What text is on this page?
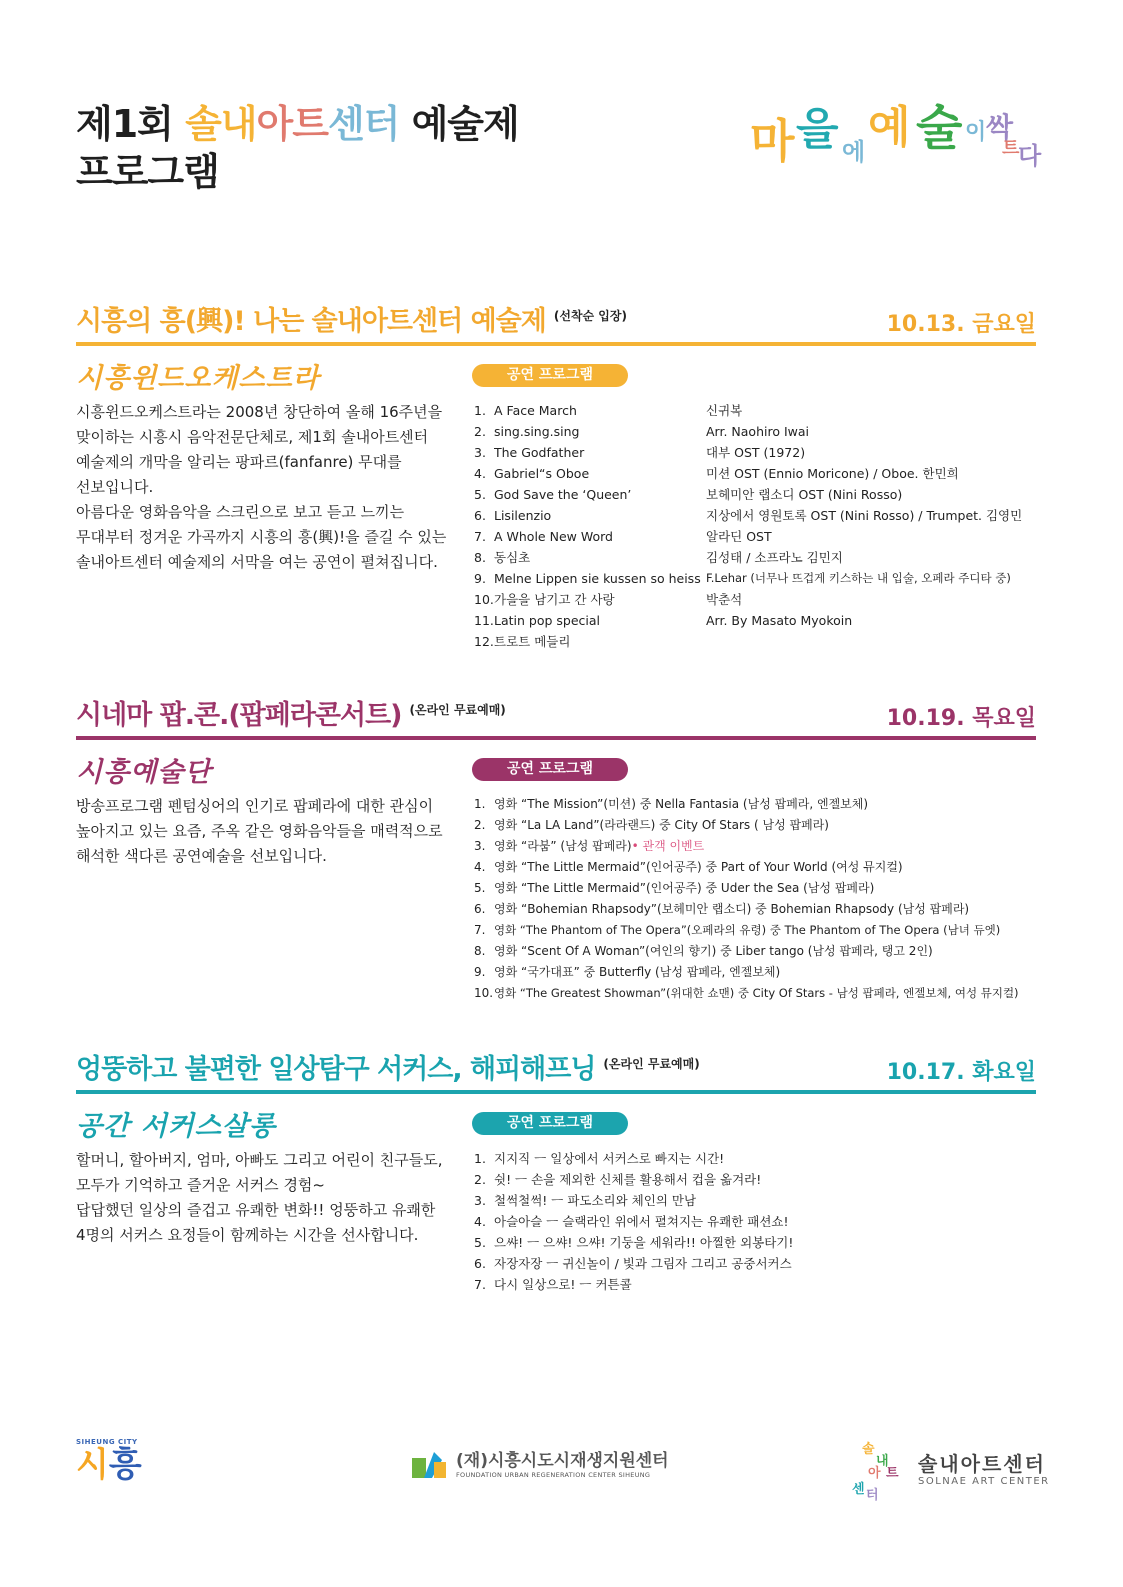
제1회 솔내아트센터 예술제
프로그램
마 을 에 예 술 이 싹
트
다
시흥의 흥(興)! 나는 솔내아트센터 예술제 $^{(선착순 입장)}$	10.13. 금요일
시흥윈드오케스트라	공연 프로그램

시흥윈드오케스트라는 2008년 창단하여 올해 16주년을

맞이하는 시흥시 음악전문단체로, 제1회 솔내아트센터

예술제의 개막을 알리는 팡파르(fanfanre) 무대를

선보입니다.

아름다운 영화음악을 스크린으로 보고 듣고 느끼는

무대부터 정겨운 가곡까지 시흥의 흥(興)!을 즐길 수 있는

솔내아트센터 예술제의 서막을 여는 공연이 펼쳐집니다.

1. A Face March	신귀복
2. sing.sing.sing	Arr. Naohiro Iwai
3. The Godfather	대부 OST (1972)
4. Gabriel“s Oboe	미션 OST (Ennio Moricone) / Oboe. 한민희
5. God Save the ‘Queen’	보헤미안 랩소디 OST (Nini Rosso)
6. Lisilenzio	지상에서 영원토록 OST (Nini Rosso) / Trumpet. 김영민
7. A Whole New Word	알라딘 OST
8. 동심초	김성태 / 소프라노 김민지
9. Melne Lippen sie kussen so heiss F.Lehar (너무나 뜨겁게 키스하는 내 입술, 오페라 주디타 중)
10. 가을을 남기고 간 사랑	박춘석
11. Latin pop special	Arr. By Masato Myokoin
12. 트로트 메들리
시네마 팝.콘.(팝페라콘서트) $^{(온라인 무료예매)}$	10.19. 목요일
시흥예술단	공연 프로그램

방송프로그램 펜텀싱어의 인기로 팝페라에 대한 관심이

높아지고 있는 요즘, 주옥 같은 영화음악들을 매력적으로

해석한 색다른 공연예술을 선보입니다.

1. 영화 “The Mission”(미션) 중 Nella Fantasia (남성 팝페라, 엔젤보체)
2. 영화 “La LA Land”(라라랜드) 중 City Of Stars ( 남성 팝페라)
3. 영화 “라붐” (남성 팝페라) • 관객 이벤트
4. 영화 “The Little Mermaid”(인어공주) 중 Part of Your World (여성 뮤지컬)
5. 영화 “The Little Mermaid”(인어공주) 중 Uder the Sea (남성 팝페라)
6. 영화 “Bohemian Rhapsody”(보헤미안 랩소디) 중 Bohemian Rhapsody (남성 팝페라)
7. 영화 “The Phantom of The Opera”(오페라의 유령) 중 The Phantom of The Opera (남녀 듀엣)
8. 영화 “Scent Of A Woman”(여인의 향기) 중 Liber tango (남성 팝페라, 탱고 2인)
9. 영화 “국가대표” 중 Butterfly (남성 팝페라, 엔젤보체)
10. 영화 “The Greatest Showman”(위대한 쇼맨) 중 City Of Stars - 남성 팝페라, 엔젤보체, 여성 뮤지컬)
엉뚱하고 불편한 일상탐구 서커스, 해피해프닝 $^{(온라인 무료예매)}$	10.17. 화요일
공간 서커스살롱	공연 프로그램

할머니, 할아버지, 엄마, 아빠도 그리고 어린이 친구들도,

모두가 기억하고 즐거운 서커스 경험~

답답했던 일상의 즐겁고 유쾌한 변화!! 엉뚱하고 유쾌한

4명의 서커스 요정들이 함께하는 시간을 선사합니다.

1. 지지직 ㅡ 일상에서 서커스로 빠지는 시간!
2. 쉿! ㅡ 손을 제외한 신체를 활용해서 컵을 옮겨라!
3. 철썩철썩! ㅡ 파도소리와 체인의 만남
4. 아슬아슬 ㅡ 슬랙라인 위에서 펼쳐지는 유쾌한 패션쇼!
5. 으쌰! ㅡ 으쌰! 으쌰! 기둥을 세워라!! 아찔한 외봉타기!
6. 자장자장 ㅡ 귀신놀이 / 빛과 그림자 그리고 공중서커스
7. 다시 일상으로! ㅡ 커튼콜
SIHEUNG CITY
시흥	(재)시흥시도시재생지원센터
FOUNDATION URBAN REGENERATION CENTER SIHEUNG
솔
내
아 트
센 터
솔내아트센터
SOLNAE ART CENTER
